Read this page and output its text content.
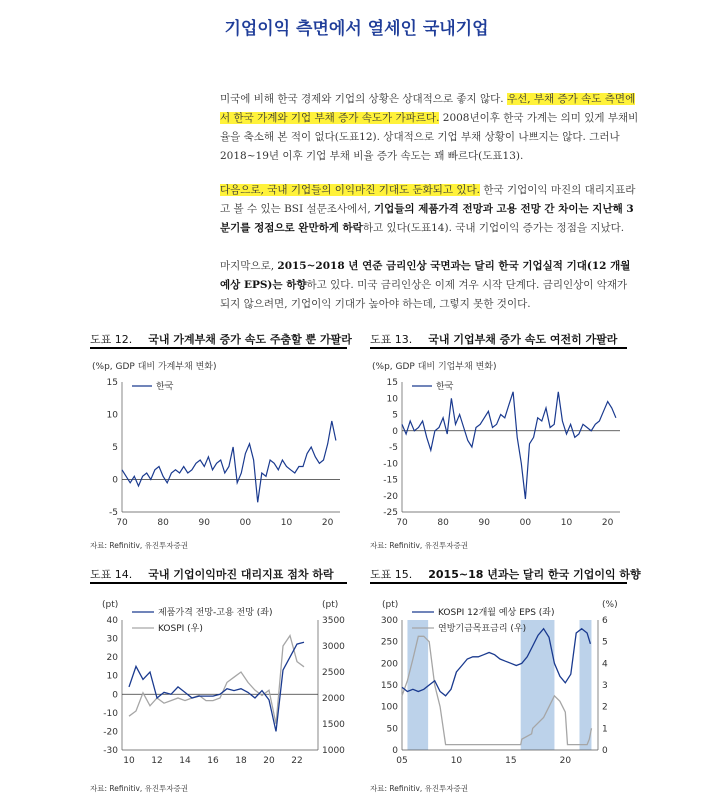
기업이익 측면에서 열세인 국내기업
미국에 비해 한국 경제와 기업의 상황은 상대적으로 좋지 않다. 우선, 부채 증가 속도 측면에서 한국 가계와 기업 부채 증가 속도가 가파르다. 2008년이후 한국 가계는 의미 있게 부채비율을 축소해 본 적이 없다(도표12). 상대적으로 기업 부채 상황이 나쁘지는 않다. 그러나 2018~19년 이후 기업 부채 비율 증가 속도는 꽤 빠르다(도표13).
다음으로, 국내 기업들의 이익마진 기대도 둔화되고 있다. 한국 기업이익 마진의 대리지표라고 볼 수 있는 BSI 설문조사에서, 기업들의 제품가격 전망과 고용 전망 간 차이는 지난해 3분기를 정점으로 완만하게 하락하고 있다(도표14). 국내 기업이익 증가는 정점을 지났다.
마지막으로, 2015~2018 년 연준 금리인상 국면과는 달리 한국 기업실적 기대(12 개월 예상 EPS)는 하향하고 있다. 미국 금리인상은 이제 겨우 시작 단계다. 금리인상이 악재가 되지 않으려면, 기업이익 기대가 높아야 하는데, 그렇지 못한 것이다.
도표 12. 국내 가계부채 증가 속도 주춤할 뿐 가팔라
(%p, GDP 대비 가계부채 변화)
-5
0
5
10
15
70	80	90	00	10	20
한국
자료: Refinitiv, 유진투자증권
도표 13. 국내 기업부채 증가 속도 여전히 가팔라
(%p, GDP 대비 기업부채 변화)
-25
-20
-15
-10
-5
0
5
10
15
70	80	90	00	10	20
한국
자료: Refinitiv, 유진투자증권
도표 14. 국내 기업이익마진 대리지표 점차 하락
(pt)	(pt)
-30
-20
-10
0
10
20
30
40
1000
1500
2000
2500
3000
3500
10 12 14 16 18 20 22
제품가격 전망-고용 전망 (좌)
KOSPI (우)
자료: Refinitiv, 유진투자증권
도표 15. 2015~18 년과는 달리 한국 기업이익 하향
(pt)	(%)
0
50
100
150
200
250
300
0
1
2
3
4
5
6
05	10	15	20
KOSPI 12개월 예상 EPS (좌)
연방기금목표금리 (우)
자료: Refinitiv, 유진투자증권
